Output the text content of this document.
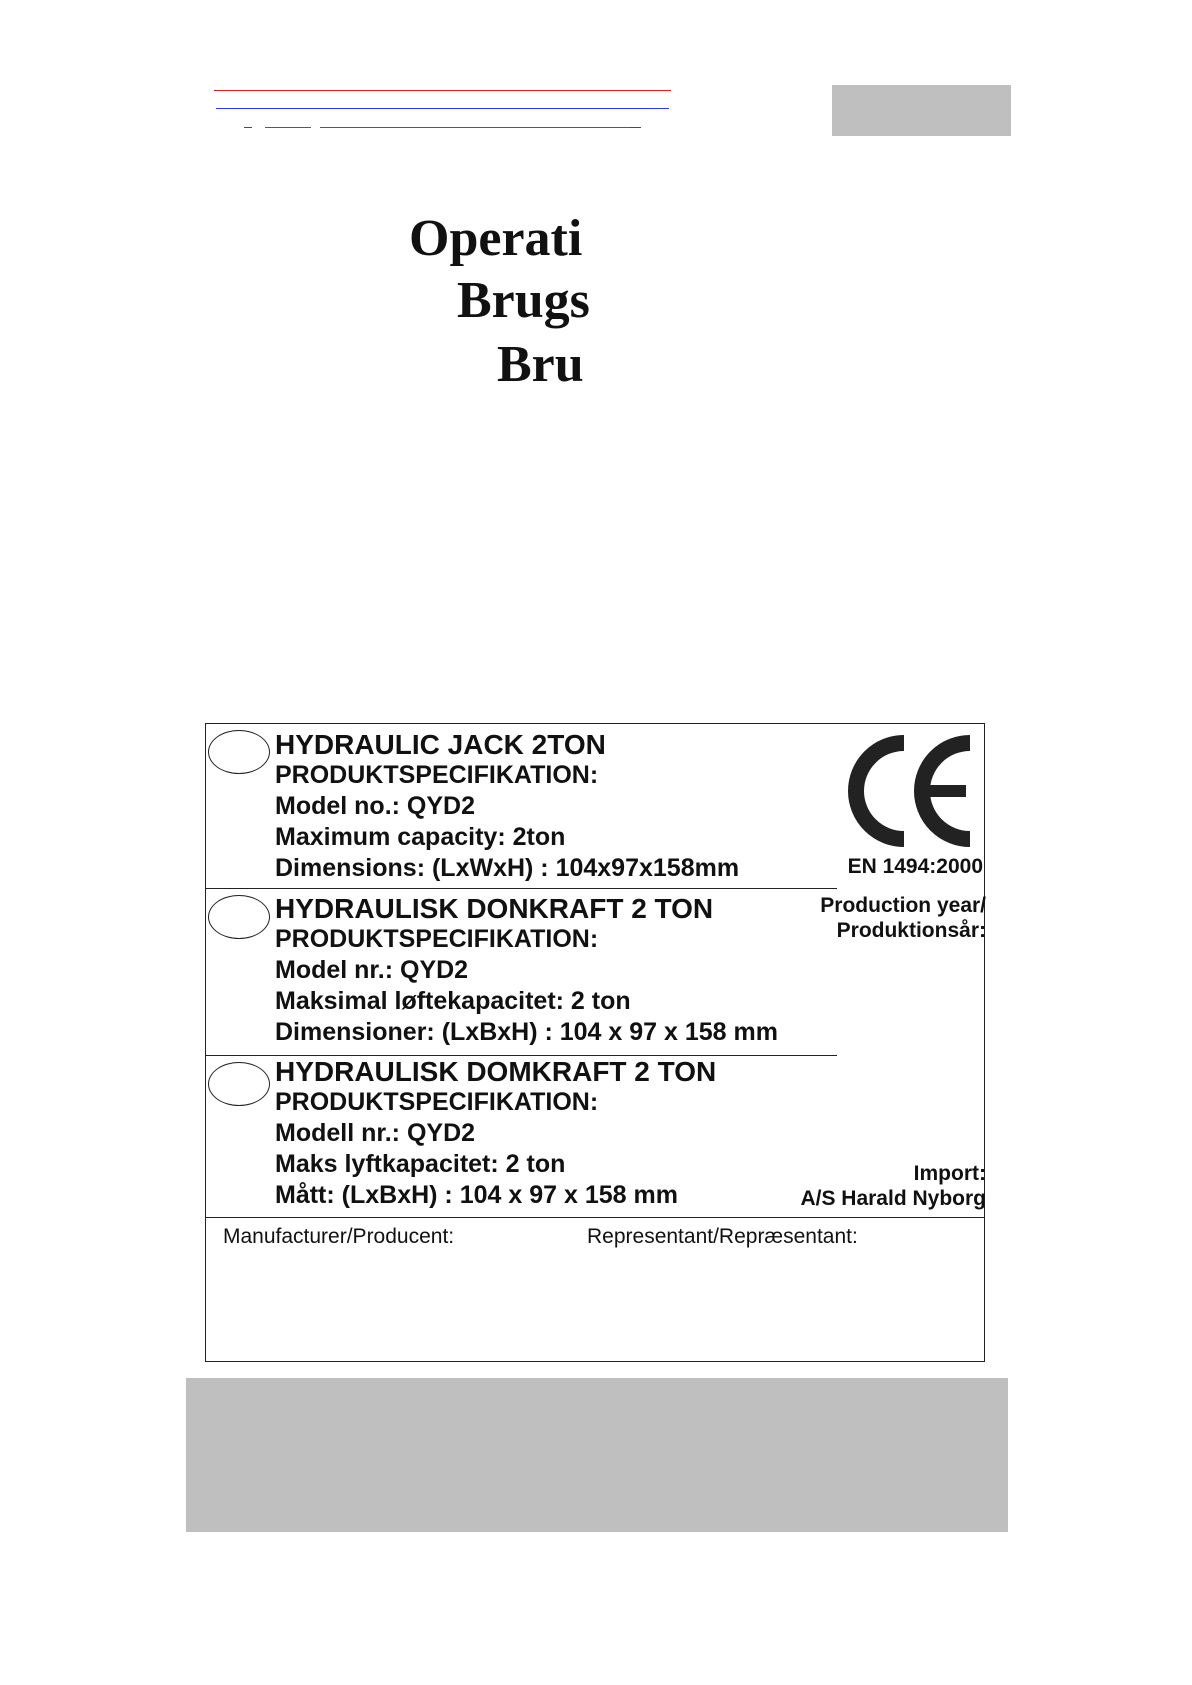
Operati
Brugs
Bru
HYDRAULIC JACK 2TON
PRODUKTSPECIFIKATION:
Model no.: QYD2
Maximum capacity: 2ton
Dimensions: (LxWxH) : 104x97x158mm
HYDRAULISK DONKRAFT 2 TON
PRODUKTSPECIFIKATION:
Model nr.: QYD2
Maksimal løftekapacitet: 2 ton
Dimensioner: (LxBxH) : 104 x 97 x 158 mm
HYDRAULISK DOMKRAFT 2 TON
PRODUKTSPECIFIKATION:
Modell nr.: QYD2
Maks lyftkapacitet: 2 ton
Mått: (LxBxH) : 104 x 97 x 158 mm
EN 1494:2000
Production year/
Produktionsår:
Import:
A/S Harald Nyborg
Manufacturer/Producent:	Representant/Repræsentant:
